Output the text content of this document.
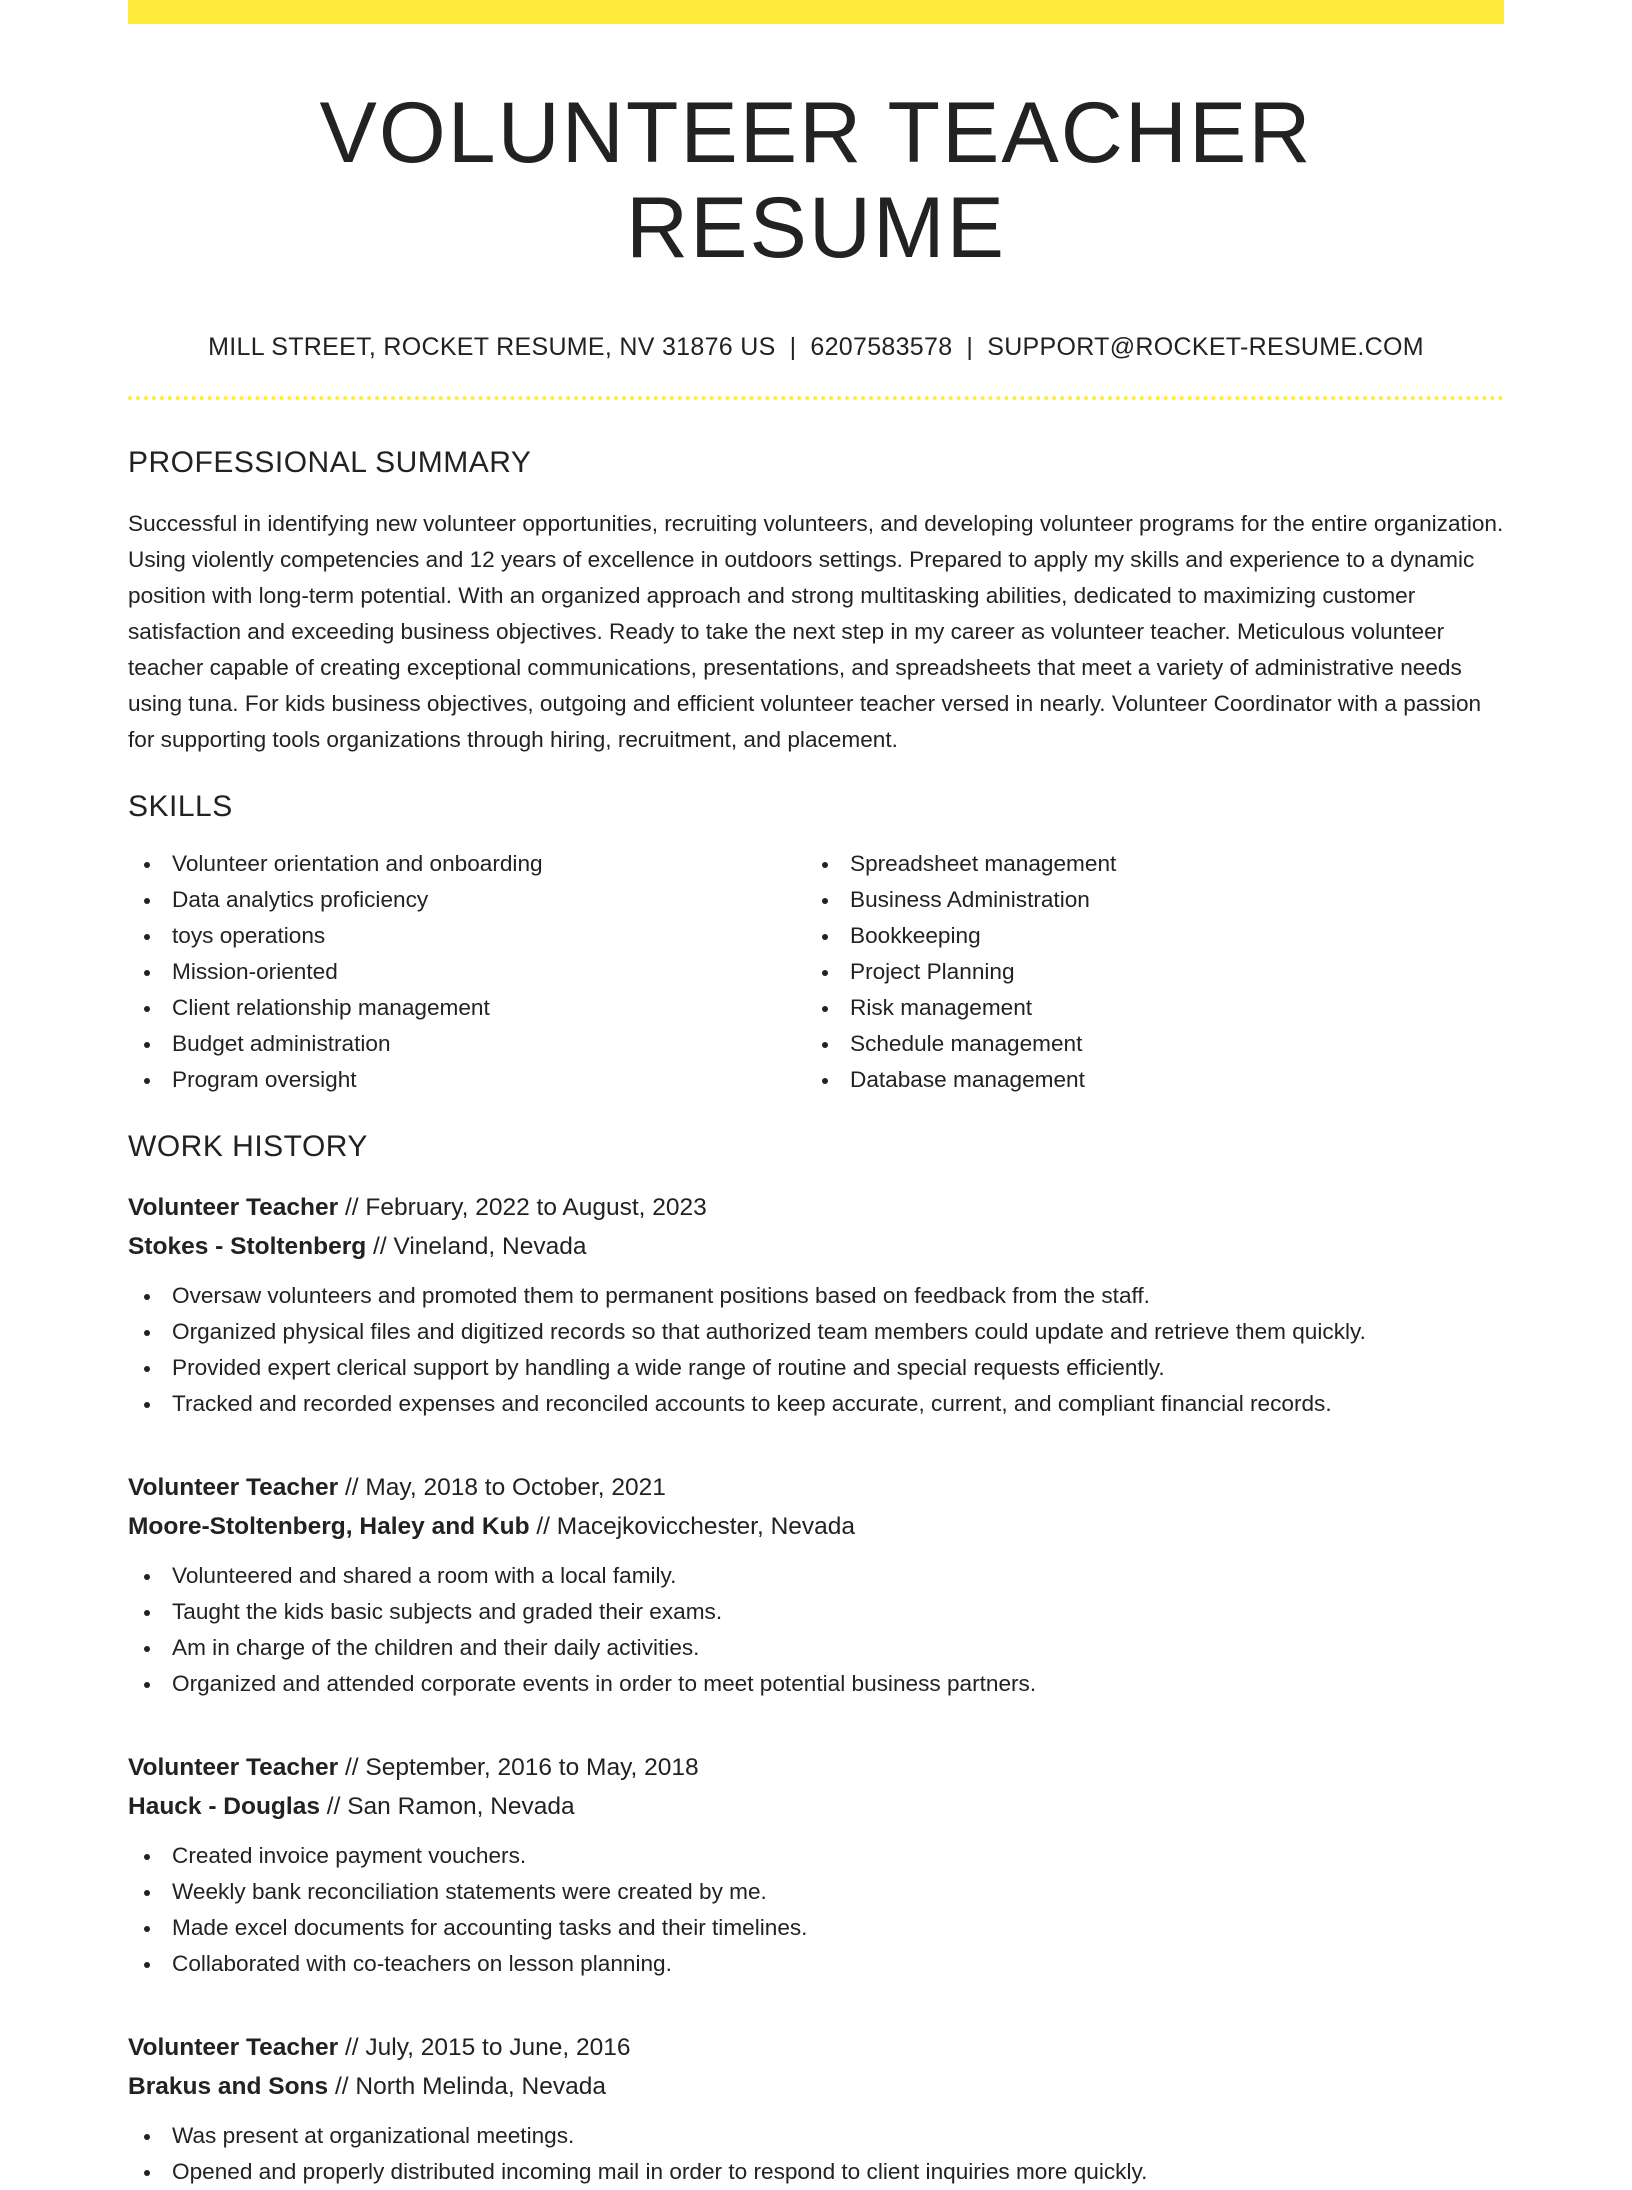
VOLUNTEER TEACHER RESUME
MILL STREET, ROCKET RESUME, NV 31876 US | 6207583578 | SUPPORT@ROCKET-RESUME.COM
PROFESSIONAL SUMMARY

Successful in identifying new volunteer opportunities, recruiting volunteers, and developing volunteer programs for the entire organization. Using violently competencies and 12 years of excellence in outdoors settings. Prepared to apply my skills and experience to a dynamic position with long-term potential. With an organized approach and strong multitasking abilities, dedicated to maximizing customer satisfaction and exceeding business objectives. Ready to take the next step in my career as volunteer teacher. Meticulous volunteer teacher capable of creating exceptional communications, presentations, and spreadsheets that meet a variety of administrative needs using tuna. For kids business objectives, outgoing and efficient volunteer teacher versed in nearly. Volunteer Coordinator with a passion for supporting tools organizations through hiring, recruitment, and placement.

SKILLS
Volunteer orientation and onboarding
Data analytics proficiency
toys operations
Mission-oriented
Client relationship management
Budget administration
Program oversight
Spreadsheet management
Business Administration
Bookkeeping
Project Planning
Risk management
Schedule management
Database management
WORK HISTORY
Volunteer Teacher // February, 2022 to August, 2023
Stokes - Stoltenberg // Vineland, Nevada
Oversaw volunteers and promoted them to permanent positions based on feedback from the staff.
Organized physical files and digitized records so that authorized team members could update and retrieve them quickly.
Provided expert clerical support by handling a wide range of routine and special requests efficiently.
Tracked and recorded expenses and reconciled accounts to keep accurate, current, and compliant financial records.
Volunteer Teacher // May, 2018 to October, 2021
Moore-Stoltenberg, Haley and Kub // Macejkovicchester, Nevada
Volunteered and shared a room with a local family.
Taught the kids basic subjects and graded their exams.
Am in charge of the children and their daily activities.
Organized and attended corporate events in order to meet potential business partners.
Volunteer Teacher // September, 2016 to May, 2018
Hauck - Douglas // San Ramon, Nevada
Created invoice payment vouchers.
Weekly bank reconciliation statements were created by me.
Made excel documents for accounting tasks and their timelines.
Collaborated with co-teachers on lesson planning.
Volunteer Teacher // July, 2015 to June, 2016
Brakus and Sons // North Melinda, Nevada
Was present at organizational meetings.
Opened and properly distributed incoming mail in order to respond to client inquiries more quickly.
